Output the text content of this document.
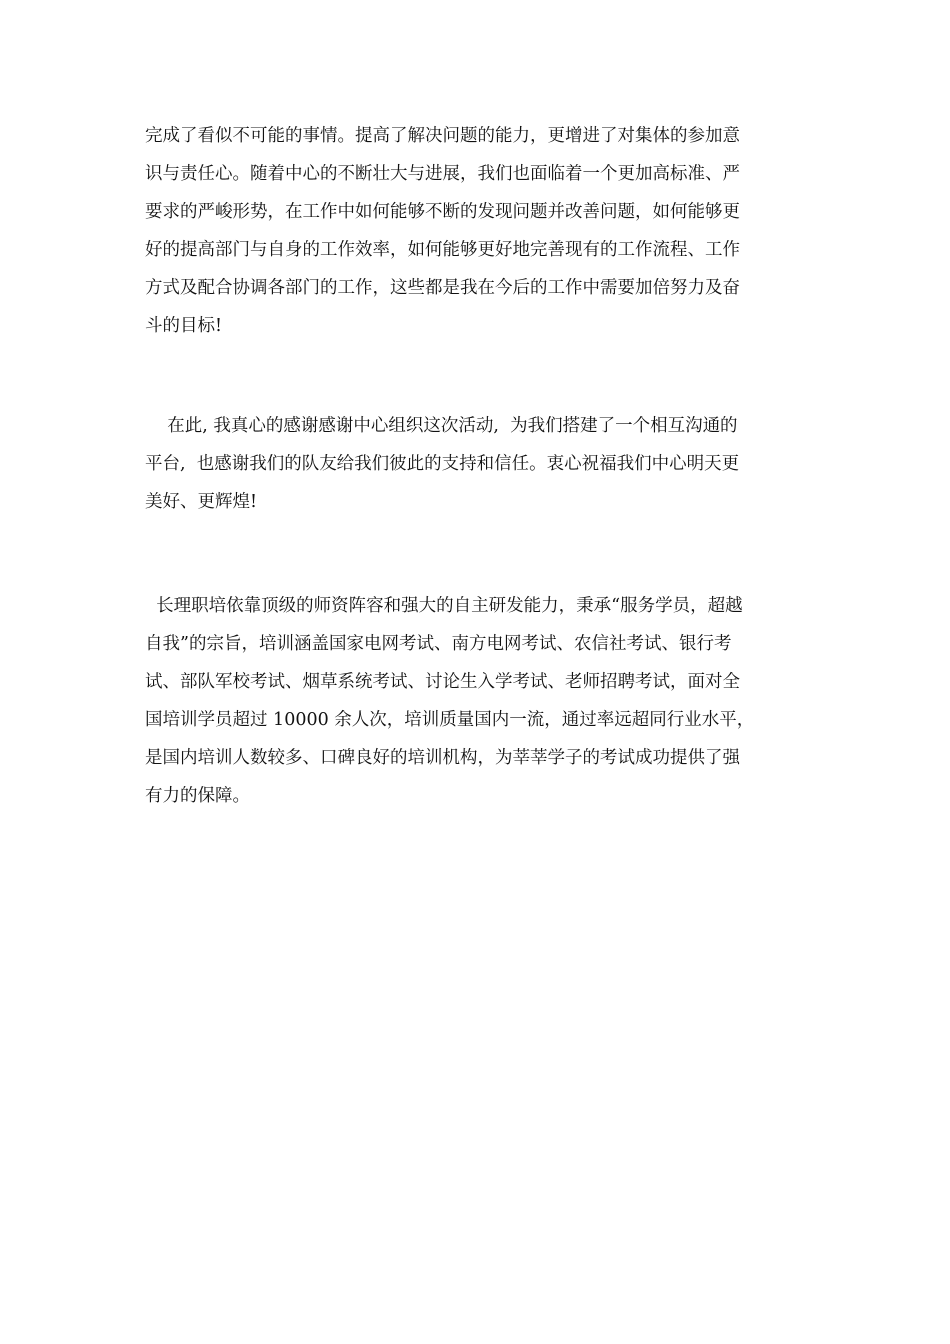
完成了看似不可能的事情。提高了解决问题的能力，更增进了对集体的参加意
识与责任心。随着中心的不断壮大与进展，我们也面临着一个更加高标准、严
要求的严峻形势，在工作中如何能够不断的发现问题并改善问题，如何能够更
好的提高部门与自身的工作效率，如何能够更好地完善现有的工作流程、工作
方式及配合协调各部门的工作，这些都是我在今后的工作中需要加倍努力及奋
斗的目标!
在此, 我真心的感谢感谢中心组织这次活动,  为我们搭建了一个相互沟通的
平台,  也感谢我们的队友给我们彼此的支持和信任。衷心祝福我们中心明天更
美好、更辉煌!
长理职培依靠顶级的师资阵容和强大的自主研发能力，秉承“服务学员，超越
自我”的宗旨，培训涵盖国家电网考试、南方电网考试、农信社考试、银行考
试、部队军校考试、烟草系统考试、讨论生入学考试、老师招聘考试，面对全
国培训学员超过 10000 余人次，培训质量国内一流，通过率远超同行业水平，
是国内培训人数较多、口碑良好的培训机构，为莘莘学子的考试成功提供了强
有力的保障。
